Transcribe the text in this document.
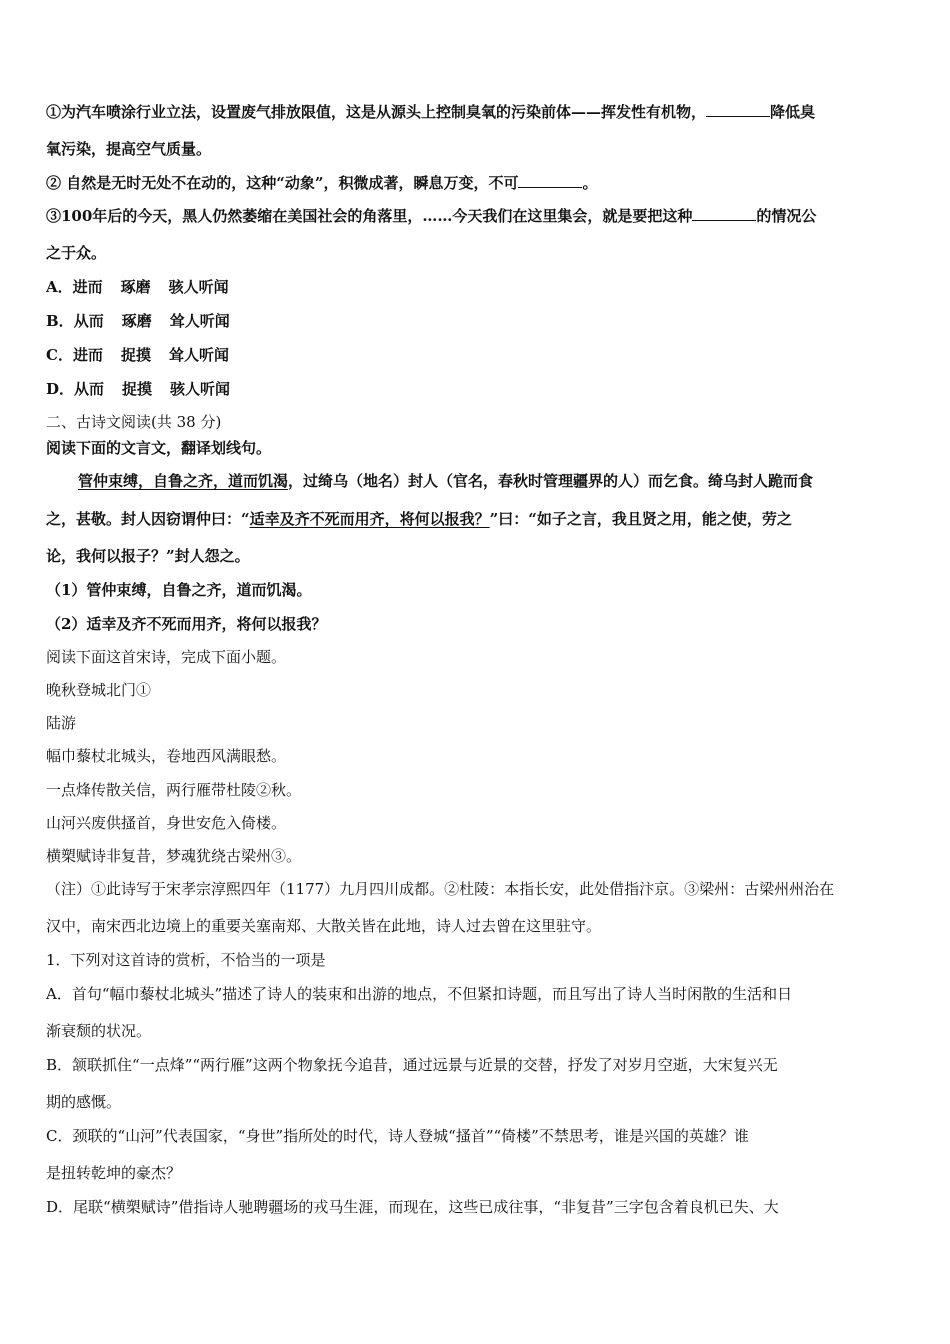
①为汽车喷涂行业立法，设置废气排放限值，这是从源头上控制臭氧的污染前体——挥发性有机物，	降低臭
氧污染，提高空气质量。
② 自然是无时无处不在动的，这种“动象”，积微成著，瞬息万变，不可	。
③100年后的今天，黑人仍然萎缩在美国社会的角落里，……今天我们在这里集会，就是要把这种	的情况公
之于众。
A．进而 琢磨 骇人听闻
B．从而 琢磨 耸人听闻
C．进而 捉摸 耸人听闻
D．从而 捉摸 骇人听闻
二、古诗文阅读(共 38 分)
阅读下面的文言文，翻译划线句。
管仲束缚，自鲁之齐，道而饥渴，过绮乌（地名）封人（官名，春秋时管理疆界的人）而乞食。绮乌封人跪而食
之，甚敬。封人因窃谓仲曰：“适幸及齐不死而用齐，将何以报我？”曰：“如子之言，我且贤之用，能之使，劳之
论，我何以报子？”封人怨之。
（1）管仲束缚，自鲁之齐，道而饥渴。
（2）适幸及齐不死而用齐，将何以报我？
阅读下面这首宋诗，完成下面小题。
晚秋登城北门①
陆游
幅巾藜杖北城头，卷地西风满眼愁。
一点烽传散关信，两行雁带杜陵②秋。
山河兴废供搔首，身世安危入倚楼。
横槊赋诗非复昔，梦魂犹绕古梁州③。
（注）①此诗写于宋孝宗淳熙四年（1177）九月四川成都。②杜陵：本指长安，此处借指汴京。③梁州：古梁州州治在
汉中，南宋西北边境上的重要关塞南郑、大散关皆在此地，诗人过去曾在这里驻守。
1．下列对这首诗的赏析，不恰当的一项是
A．首句“幅巾藜杖北城头”描述了诗人的装束和出游的地点，不但紧扣诗题，而且写出了诗人当时闲散的生活和日
渐衰颓的状况。
B．颔联抓住“一点烽”“两行雁”这两个物象抚今追昔，通过远景与近景的交替，抒发了对岁月空逝，大宋复兴无
期的感慨。
C．颈联的“山河”代表国家，“身世”指所处的时代，诗人登城“搔首”“倚楼”不禁思考，谁是兴国的英雄？谁
是扭转乾坤的豪杰？
D．尾联“横槊赋诗”借指诗人驰聘疆场的戎马生涯，而现在，这些已成往事，“非复昔”三字包含着良机已失、大
